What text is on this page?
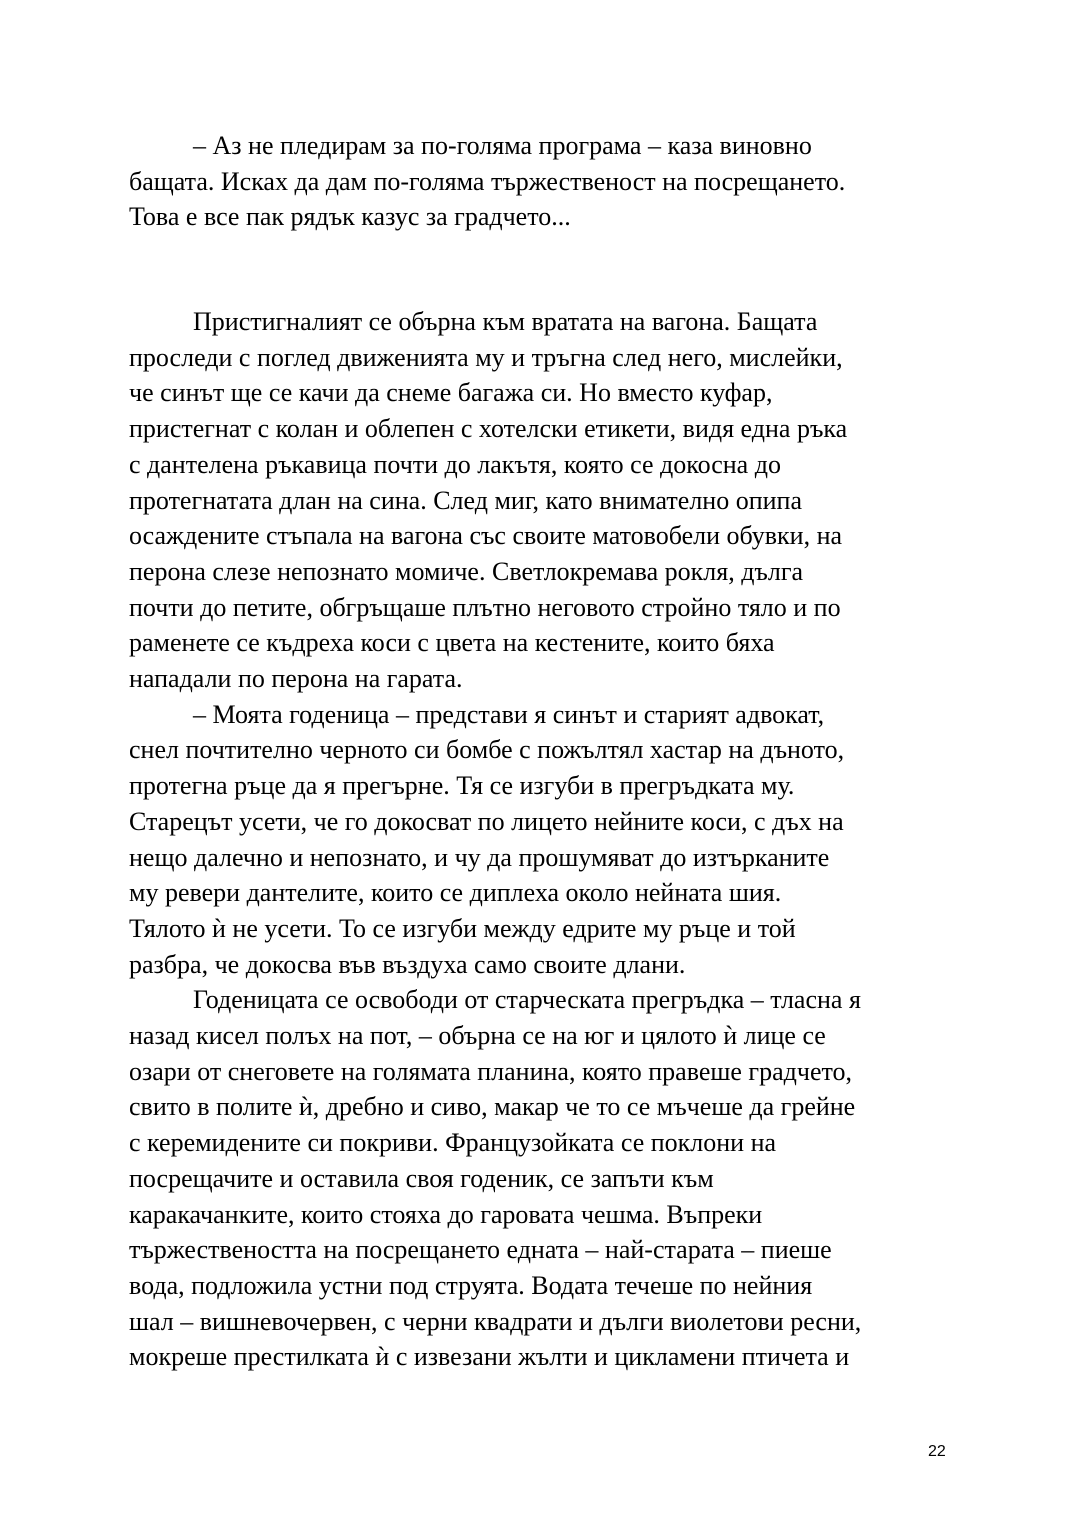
– Аз не пледирам за по-голяма програма – каза виновно
бащата. Исках да дам по-голяма тържественост на посрещането.
Това е все пак рядък казус за градчето...
Пристигналият се обърна към вратата на вагона. Бащата
проследи с поглед движенията му и тръгна след него, мислейки,
че синът ще се качи да снеме багажа си. Но вместо куфар,
пристегнат с колан и облепен с хотелски етикети, видя една ръка
с дантелена ръкавица почти до лакътя, която се докосна до
протегнатата длан на сина. След миг, като внимателно опипа
осаждените стъпала на вагона със своите матовобели обувки, на
перона слезе непознато момиче. Светлокремава рокля, дълга
почти до петите, обгръщаше плътно неговото стройно тяло и по
раменете се къдреха коси с цвета на кестените, които бяха
нападали по перона на гарата.
– Моята годеница – представи я синът и старият адвокат,
снел почтително черното си бомбе с пожълтял хастар на дъното,
протегна ръце да я прегърне. Тя се изгуби в прегръдката му.
Старецът усети, че го докосват по лицето нейните коси, с дъх на
нещо далечно и непознато, и чу да прошумяват до изтърканите
му ревери дантелите, които се диплеха около нейната шия.
Тялото ѝ не усети. То се изгуби между едрите му ръце и той
разбра, че докосва във въздуха само своите длани.
Годеницата се освободи от старческата прегръдка – тласна я
назад кисел полъх на пот, – обърна се на юг и цялото ѝ лице се
озари от снеговете на голямата планина, която правеше градчето,
свито в полите ѝ, дребно и сиво, макар че то се мъчеше да грейне
с керемидените си покриви. Французойката се поклони на
посрещачите и оставила своя годеник, се запъти към
каракачанките, които стояха до гаровата чешма. Въпреки
тържествеността на посрещането едната – най-старата – пиеше
вода, подложила устни под струята. Водата течеше по нейния
шал – вишневочервен, с черни квадрати и дълги виолетови ресни,
мокреше престилката ѝ с извезани жълти и цикламени птичета и
22
